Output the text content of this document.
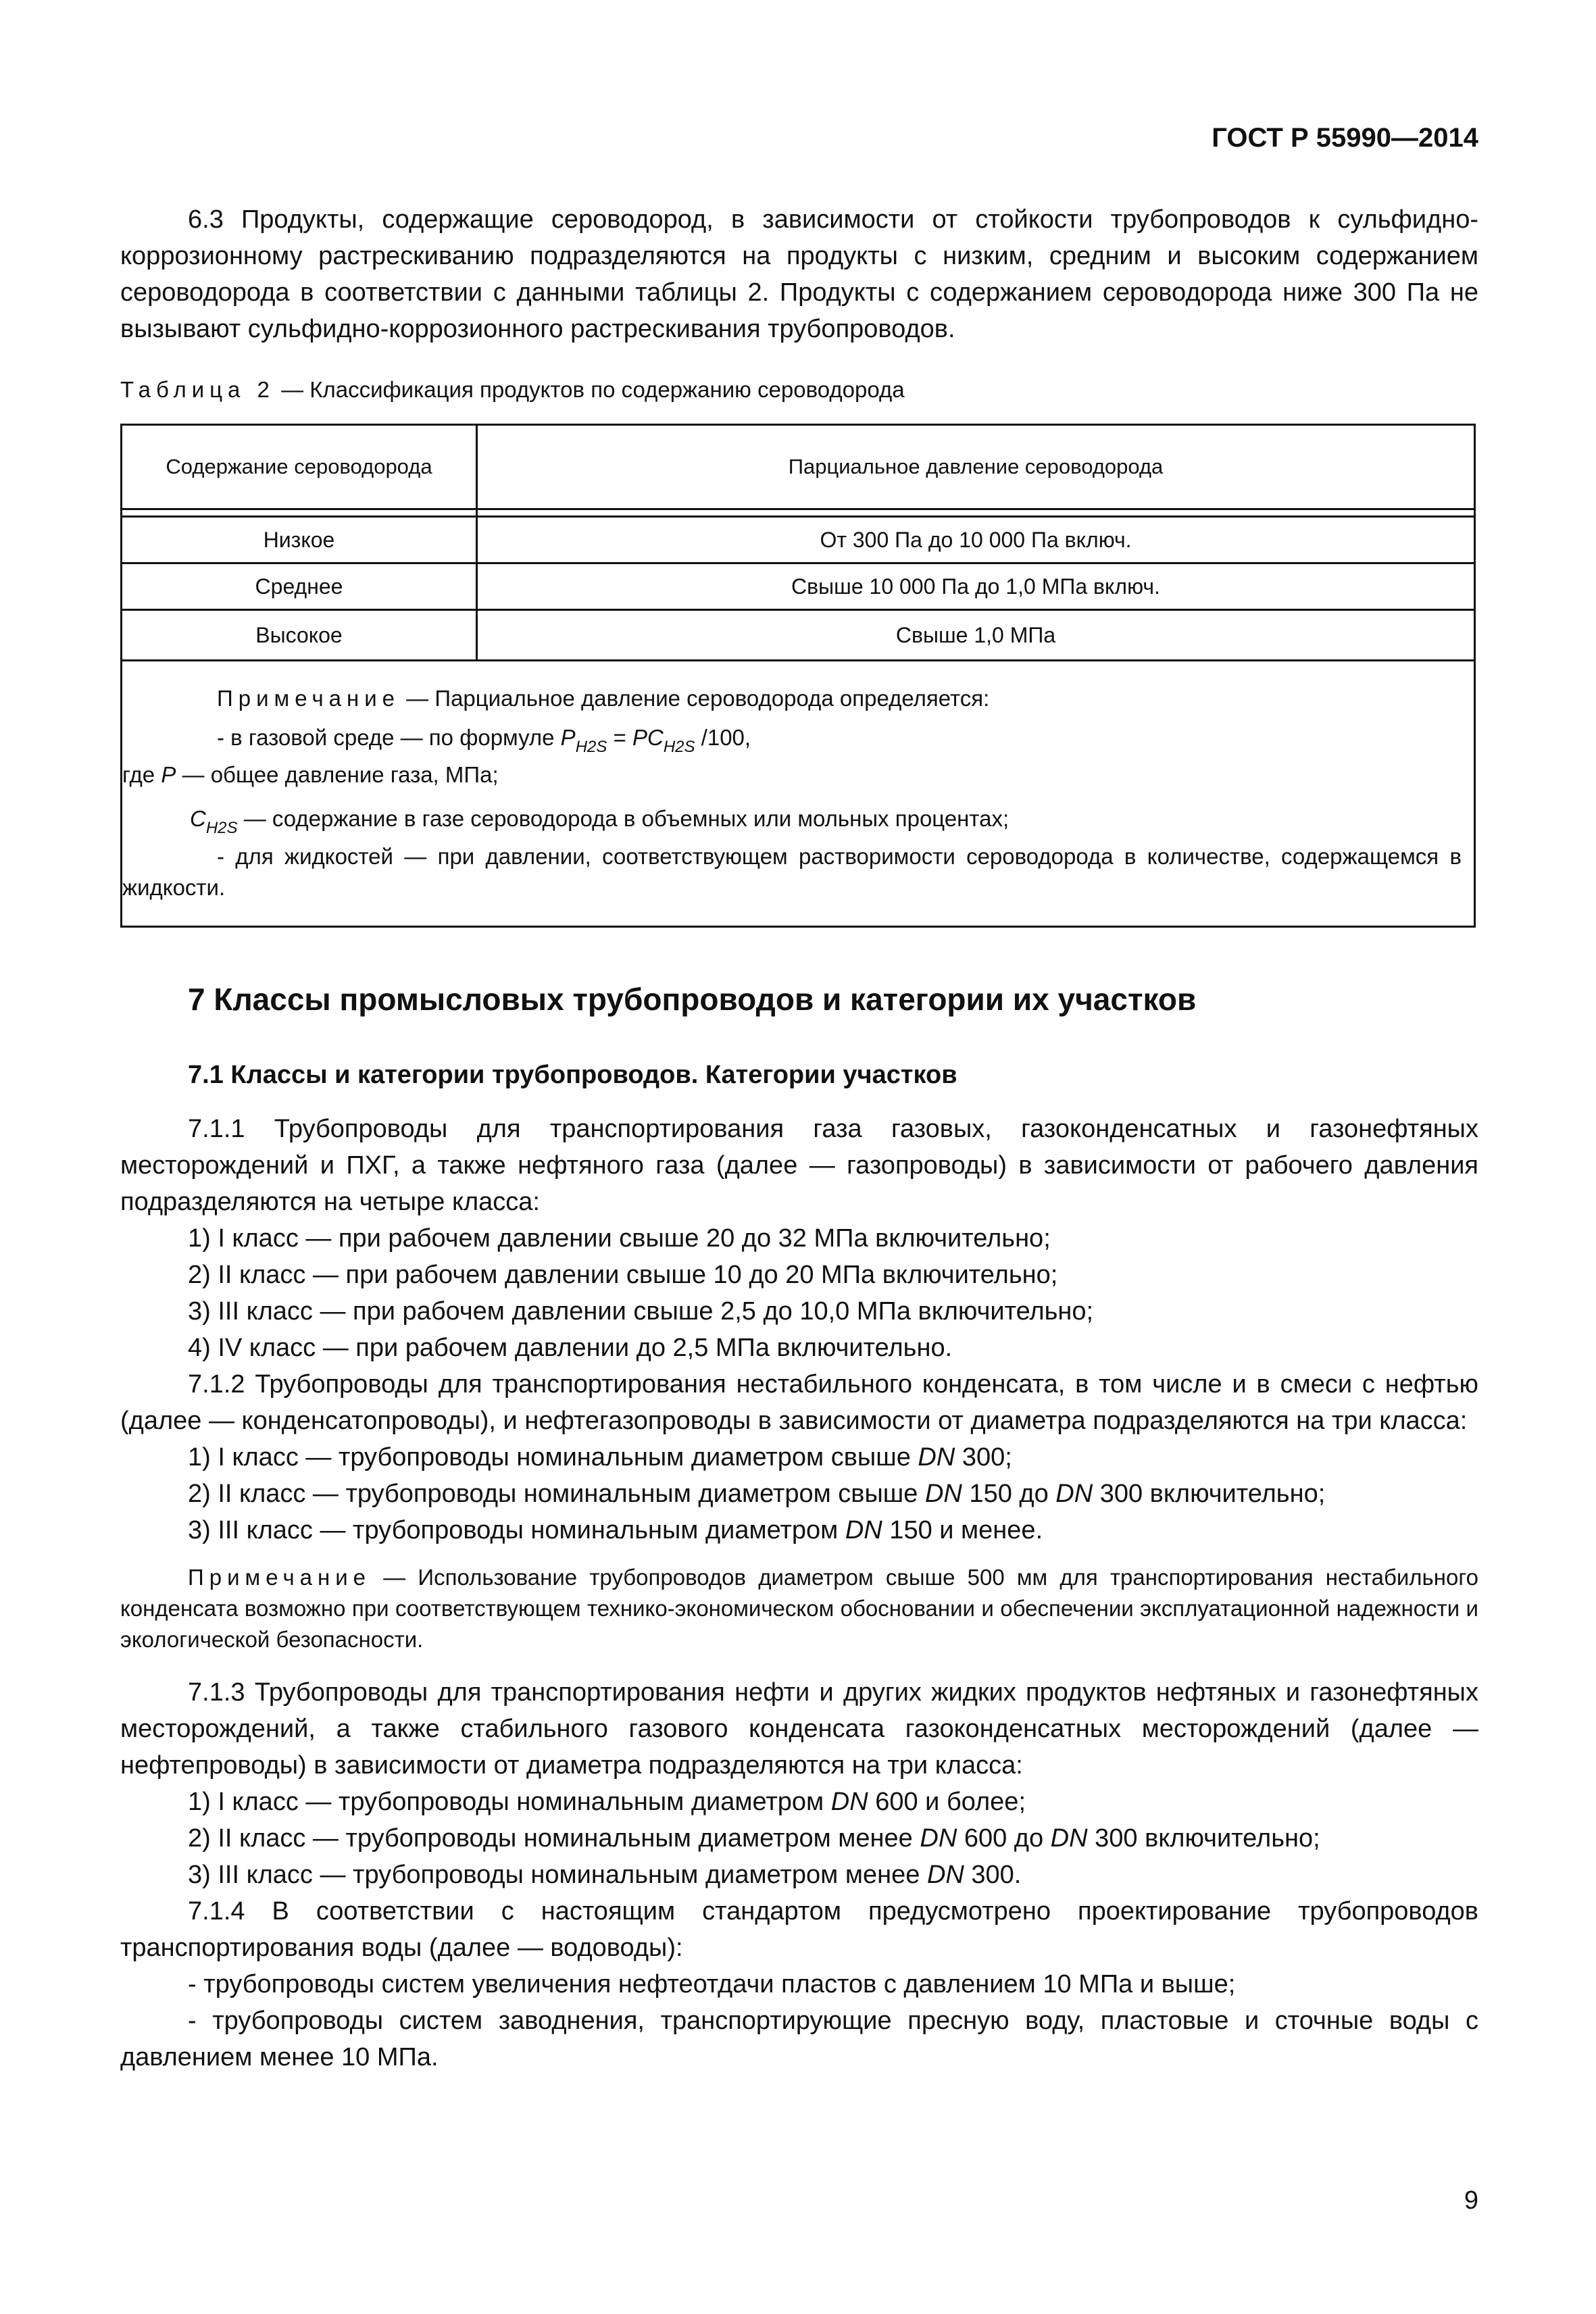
ГОСТ Р 55990—2014

6.3 Продукты, содержащие сероводород, в зависимости от стойкости трубопроводов к сульфидно-коррозионному растрескиванию подразделяются на продукты с низким, средним и высоким содержанием сероводорода в соответствии с данными таблицы 2. Продукты с содержанием сероводорода ниже 300 Па не вызывают сульфидно-коррозионного растрескивания трубопроводов.

Таблица 2 — Классификация продуктов по содержанию сероводорода
Содержание сероводорода	Парциальное давление сероводорода
Низкое	От 300 Па до 10 000 Па включ.
Среднее	Свыше 10 000 Па до 1,0 МПа включ.
Высокое	Свыше 1,0 МПа
Примечание — Парциальное давление сероводорода определяется:
- в газовой среде — по формуле $P_{H2S} = PC_{H2S}$ /100,
где P — общее давление газа, МПа;
$C_{H2S}$ — содержание в газе сероводорода в объемных или мольных процентах;
- для жидкостей — при давлении, соответствующем растворимости сероводорода в количестве, содержащемся в жидкости.
7 Классы промысловых трубопроводов и категории их участков
7.1 Классы и категории трубопроводов. Категории участков

7.1.1 Трубопроводы для транспортирования газа газовых, газоконденсатных и газонефтяных месторождений и ПХГ, а также нефтяного газа (далее — газопроводы) в зависимости от рабочего давления подразделяются на четыре класса:

1) I класс — при рабочем давлении свыше 20 до 32 МПа включительно;

2) II класс — при рабочем давлении свыше 10 до 20 МПа включительно;

3) III класс — при рабочем давлении свыше 2,5 до 10,0 МПа включительно;

4) IV класс — при рабочем давлении до 2,5 МПа включительно.

7.1.2 Трубопроводы для транспортирования нестабильного конденсата, в том числе и в смеси с нефтью (далее — конденсатопроводы), и нефтегазопроводы в зависимости от диаметра подразделяются на три класса:

1) I класс — трубопроводы номинальным диаметром свыше DN 300;

2) II класс — трубопроводы номинальным диаметром свыше DN 150 до DN 300 включительно;

3) III класс — трубопроводы номинальным диаметром DN 150 и менее.

Примечание — Использование трубопроводов диаметром свыше 500 мм для транспортирования нестабильного конденсата возможно при соответствующем технико-экономическом обосновании и обеспечении эксплуатационной надежности и экологической безопасности.

7.1.3 Трубопроводы для транспортирования нефти и других жидких продуктов нефтяных и газонефтяных месторождений, а также стабильного газового конденсата газоконденсатных месторождений (далее — нефтепроводы) в зависимости от диаметра подразделяются на три класса:

1) I класс — трубопроводы номинальным диаметром DN 600 и более;

2) II класс — трубопроводы номинальным диаметром менее DN 600 до DN 300 включительно;

3) III класс — трубопроводы номинальным диаметром менее DN 300.

7.1.4 В соответствии с настоящим стандартом предусмотрено проектирование трубопроводов транспортирования воды (далее — водоводы):

- трубопроводы систем увеличения нефтеотдачи пластов с давлением 10 МПа и выше;

- трубопроводы систем заводнения, транспортирующие пресную воду, пластовые и сточные воды с давлением менее 10 МПа.

9
